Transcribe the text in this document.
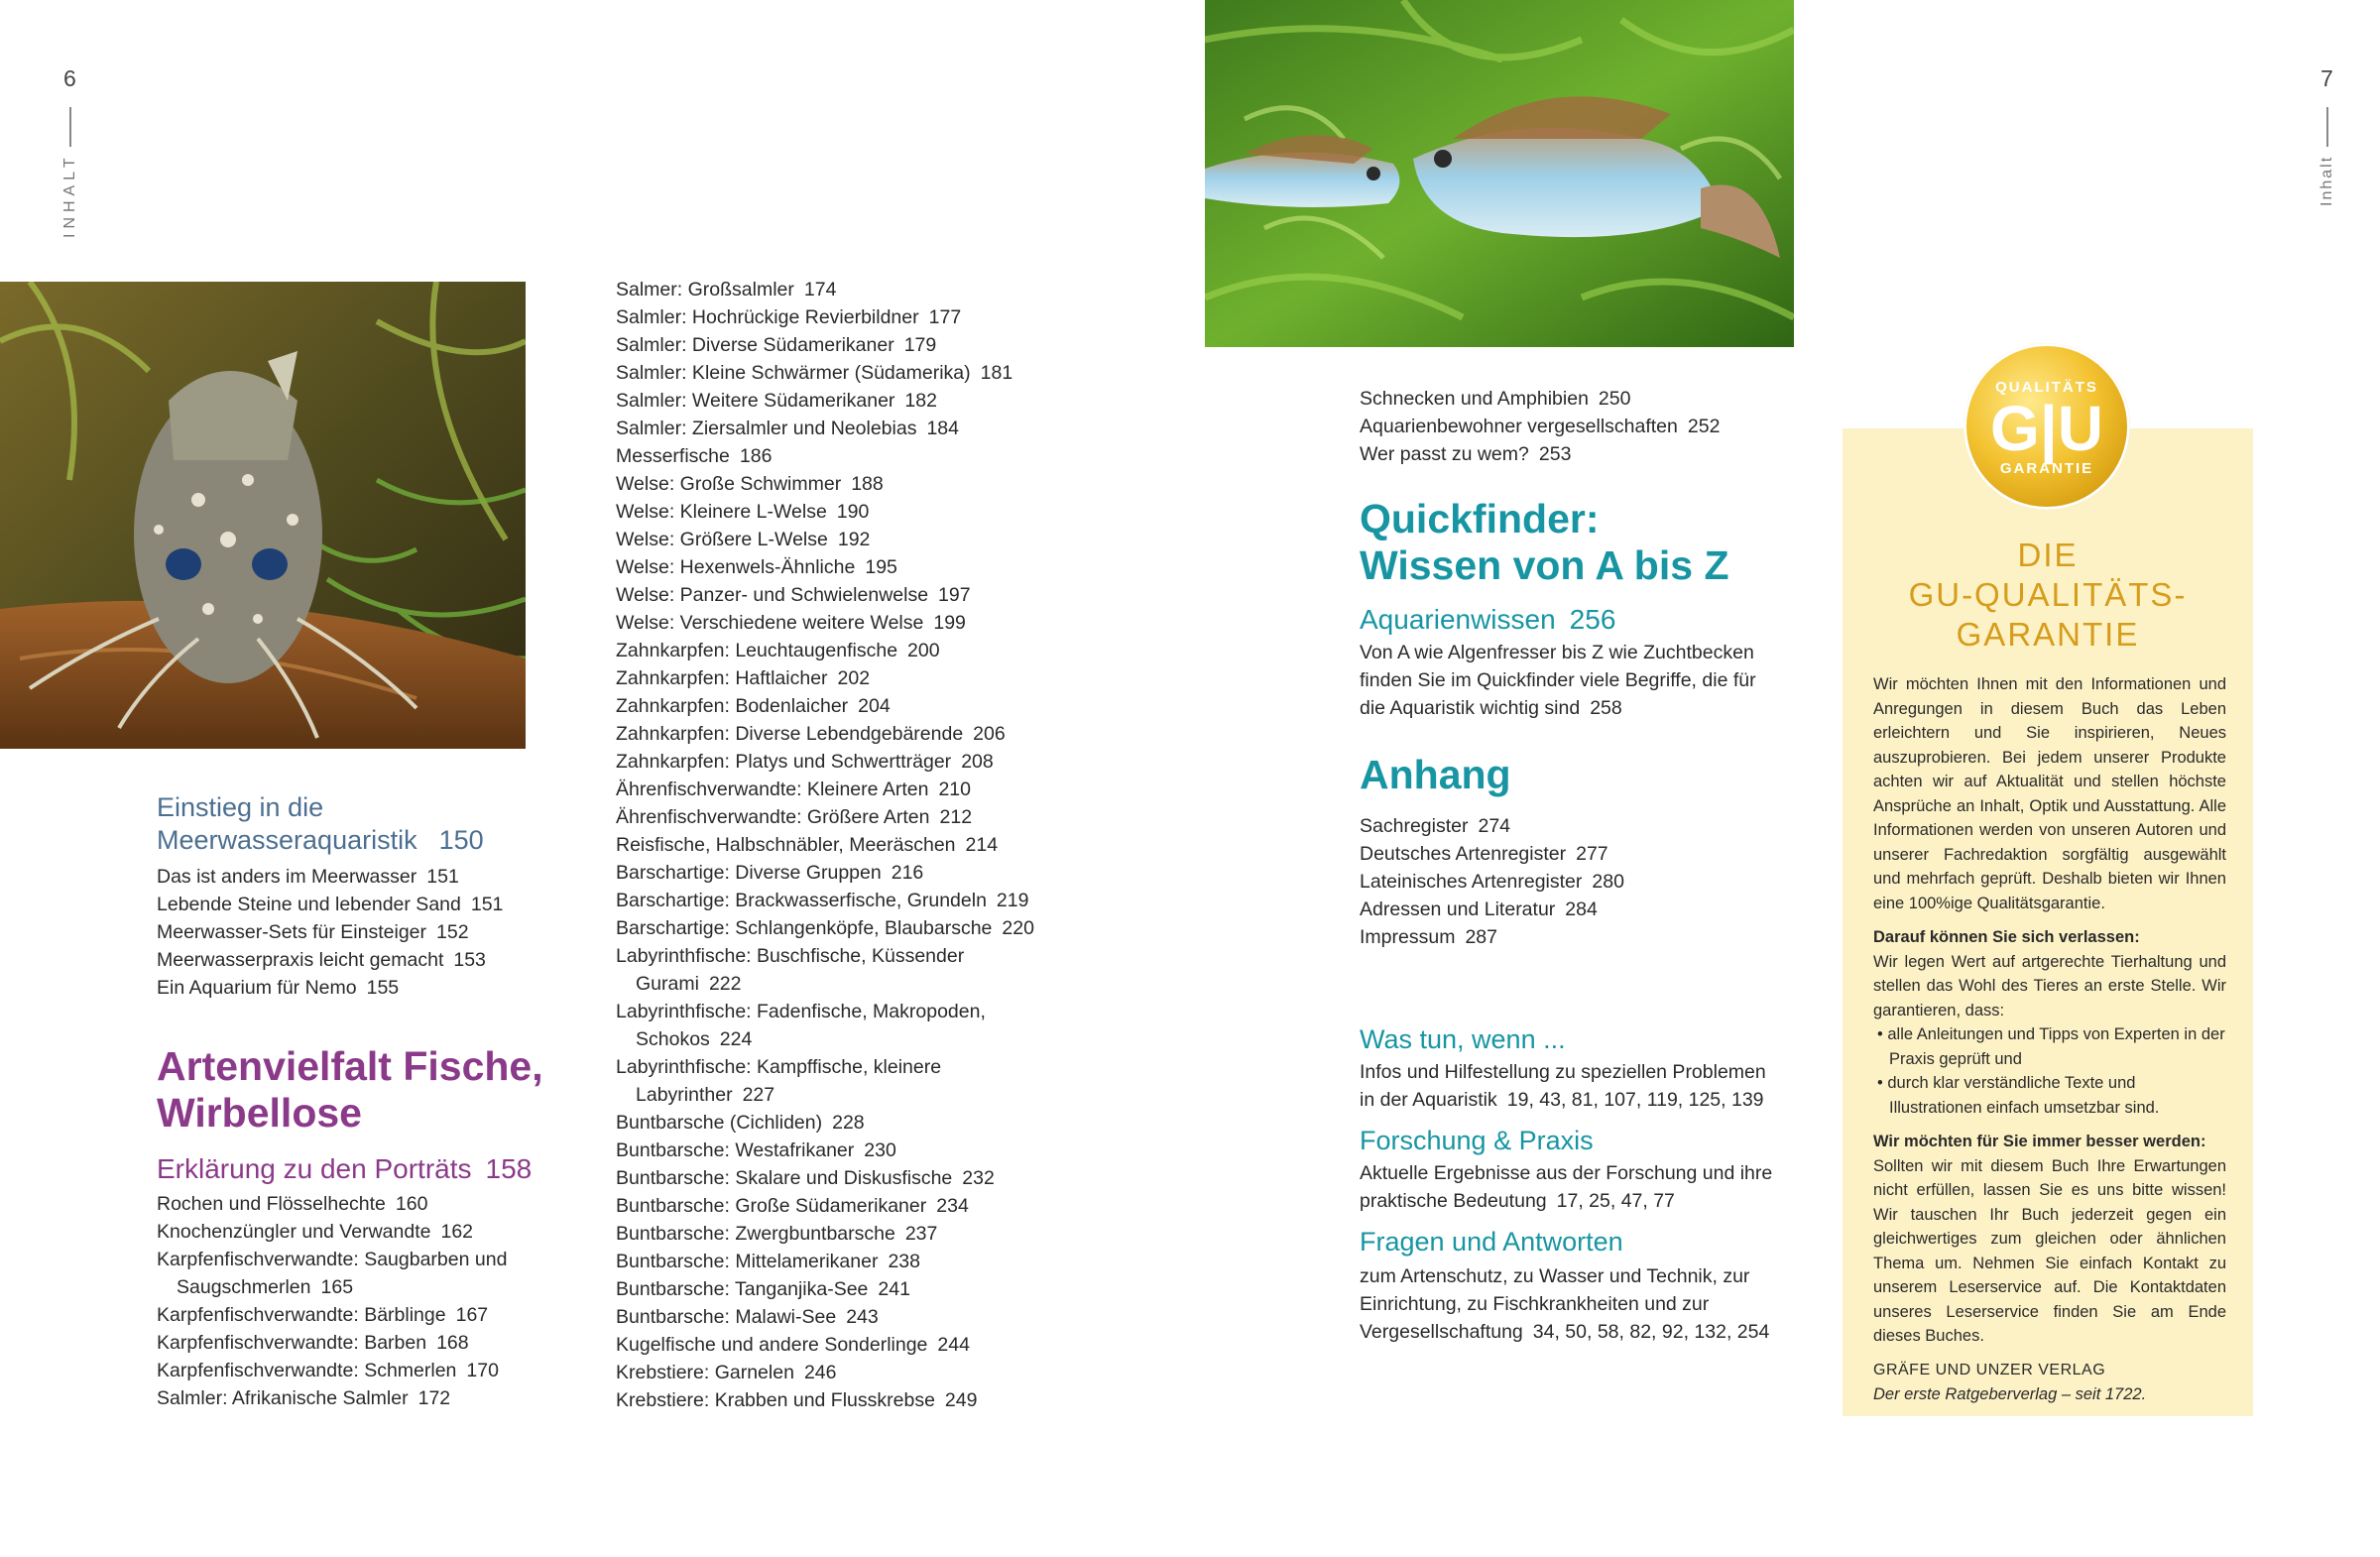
6
INHALT

Einstieg in die
Meerwasseraquaristik 150

Das ist anders im Meerwasser 151
Lebende Steine und lebender Sand 151
Meerwasser-Sets für Einsteiger 152
Meerwasserpraxis leicht gemacht 153
Ein Aquarium für Nemo 155

Artenvielfalt Fische,
Wirbellose

Erklärung zu den Porträts 158

Rochen und Flösselhechte 160
Knochenzüngler und Verwandte 162
Karpfenfischverwandte: Saugbarben und
Saugschmerlen 165
Karpfenfischverwandte: Bärblinge 167
Karpfenfischverwandte: Barben 168
Karpfenfischverwandte: Schmerlen 170
Salmler: Afrikanische Salmler 172
Salmer: Großsalmler 174
Salmler: Hochrückige Revierbildner 177
Salmler: Diverse Südamerikaner 179
Salmler: Kleine Schwärmer (Südamerika) 181
Salmler: Weitere Südamerikaner 182
Salmler: Ziersalmler und Neolebias 184
Messerfische 186
Welse: Große Schwimmer 188
Welse: Kleinere L-Welse 190
Welse: Größere L-Welse 192
Welse: Hexenwels-Ähnliche 195
Welse: Panzer- und Schwielenwelse 197
Welse: Verschiedene weitere Welse 199
Zahnkarpfen: Leuchtaugenfische 200
Zahnkarpfen: Haftlaicher 202
Zahnkarpfen: Bodenlaicher 204
Zahnkarpfen: Diverse Lebendgebärende 206
Zahnkarpfen: Platys und Schwertträger 208
Ährenfischverwandte: Kleinere Arten 210
Ährenfischverwandte: Größere Arten 212
Reisfische, Halbschnäbler, Meeräschen 214
Barschartige: Diverse Gruppen 216
Barschartige: Brackwasserfische, Grundeln 219
Barschartige: Schlangenköpfe, Blaubarsche 220
Labyrinthfische: Buschfische, Küssender
Gurami 222
Labyrinthfische: Fadenfische, Makropoden,
Schokos 224
Labyrinthfische: Kampffische, kleinere
Labyrinther 227
Buntbarsche (Cichliden) 228
Buntbarsche: Westafrikaner 230
Buntbarsche: Skalare und Diskusfische 232
Buntbarsche: Große Südamerikaner 234
Buntbarsche: Zwergbuntbarsche 237
Buntbarsche: Mittelamerikaner 238
Buntbarsche: Tanganjika-See 241
Buntbarsche: Malawi-See 243
Kugelfische und andere Sonderlinge 244
Krebstiere: Garnelen 246
Krebstiere: Krabben und Flusskrebse 249
7
Inhalt
Schnecken und Amphibien 250
Aquarienbewohner vergesellschaften 252
Wer passt zu wem? 253

Quickfinder:
Wissen von A bis Z

Aquarienwissen 256

Von A wie Algenfresser bis Z wie Zuchtbecken
finden Sie im Quickfinder viele Begriffe, die für
die Aquaristik wichtig sind 258

Anhang

Sachregister 274
Deutsches Artenregister 277
Lateinisches Artenregister 280
Adressen und Literatur 284
Impressum 287

Was tun, wenn ...

Infos und Hilfestellung zu speziellen Problemen
in der Aquaristik 19, 43, 81, 107, 119, 125, 139

Forschung & Praxis

Aktuelle Ergebnisse aus der Forschung und ihre
praktische Bedeutung 17, 25, 47, 77

Fragen und Antworten

zum Artenschutz, zu Wasser und Technik, zur
Einrichtung, zu Fischkrankheiten und zur
Vergesellschaftung 34, 50, 58, 82, 92, 132, 254

QUALITÄTS
G|U
GARANTIE
DIE
GU-QUALITÄTS-
GARANTIE

Wir möchten Ihnen mit den Informationen und Anregungen in diesem Buch das Leben erleichtern und Sie inspirieren, Neues auszuprobieren. Bei jedem unserer Produkte achten wir auf Aktualität und stellen höchste Ansprüche an Inhalt, Optik und Ausstattung. Alle Informationen werden von unseren Autoren und unserer Fachredaktion sorgfältig ausgewählt und mehrfach geprüft. Deshalb bieten wir Ihnen eine 100%ige Qualitätsgarantie.

Darauf können Sie sich verlassen:

Wir legen Wert auf artgerechte Tierhaltung und stellen das Wohl des Tieres an erste Stelle. Wir garantieren, dass:

• alle Anleitungen und Tipps von Experten in der Praxis geprüft und

• durch klar verständliche Texte und Illustrationen einfach umsetzbar sind.

Wir möchten für Sie immer besser werden:

Sollten wir mit diesem Buch Ihre Erwartungen nicht erfüllen, lassen Sie es uns bitte wissen! Wir tauschen Ihr Buch jederzeit gegen ein gleichwertiges zum gleichen oder ähnlichen Thema um. Nehmen Sie einfach Kontakt zu unserem Leserservice auf. Die Kontaktdaten unseres Leserservice finden Sie am Ende dieses Buches.

GRÄFE UND UNZER VERLAG

Der erste Ratgeberverlag – seit 1722.
